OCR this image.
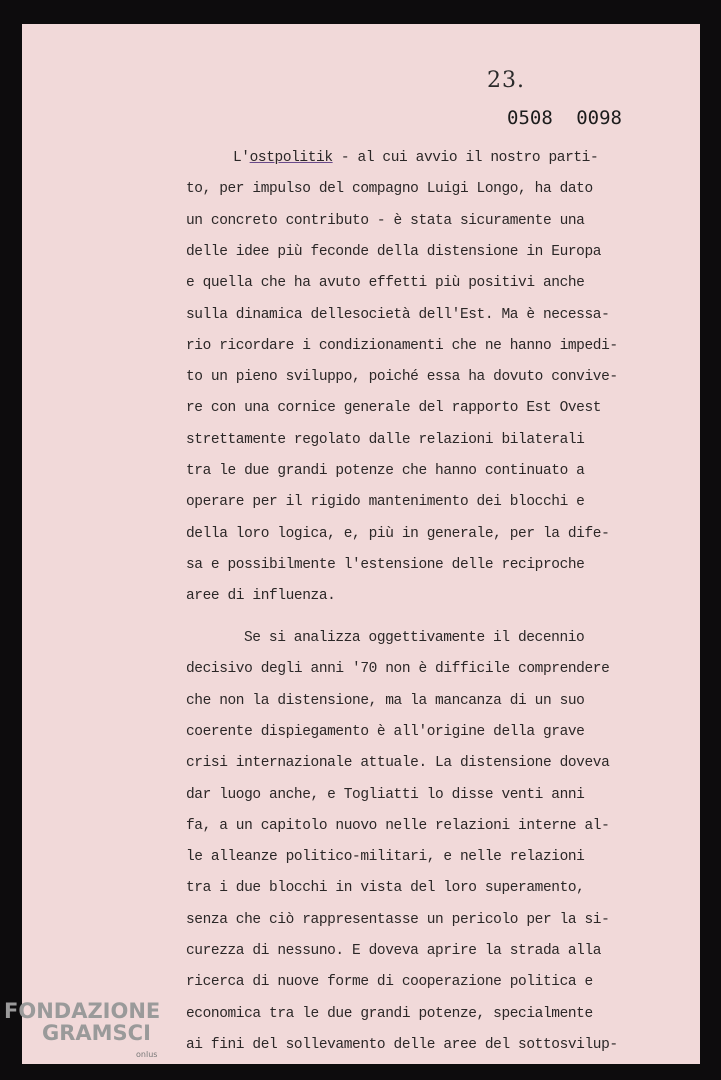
23.
0508 0098
L'ostpolitik - al cui avvio il nostro parti-
to, per impulso del compagno Luigi Longo, ha dato
un concreto contributo - è stata sicuramente una
delle idee più feconde della distensione in Europa
e quella che ha avuto effetti più positivi anche
sulla dinamica dellesocietà dell'Est. Ma è necessa-
rio ricordare i condizionamenti che ne hanno impedi-
to un pieno sviluppo, poiché essa ha dovuto convive-
re con una cornice generale del rapporto Est Ovest
strettamente regolato dalle relazioni bilaterali
tra le due grandi potenze che hanno continuato a
operare per il rigido mantenimento dei blocchi e
della loro logica, e, più in generale, per la dife-
sa e possibilmente l'estensione delle reciproche
aree di influenza.
Se si analizza oggettivamente il decennio
decisivo degli anni '70 non è difficile comprendere
che non la distensione, ma la mancanza di un suo
coerente dispiegamento è all'origine della grave
crisi internazionale attuale. La distensione doveva
dar luogo anche, e Togliatti lo disse venti anni
fa, a un capitolo nuovo nelle relazioni interne al-
le alleanze politico-militari, e nelle relazioni
tra i due blocchi in vista del loro superamento,
senza che ciò rappresentasse un pericolo per la si-
curezza di nessuno. E doveva aprire la strada alla
ricerca di nuove forme di cooperazione politica e
economica tra le due grandi potenze, specialmente
ai fini del sollevamento delle aree del sottosvilup-
FONDAZIONE
GRAMSCI
onlus
